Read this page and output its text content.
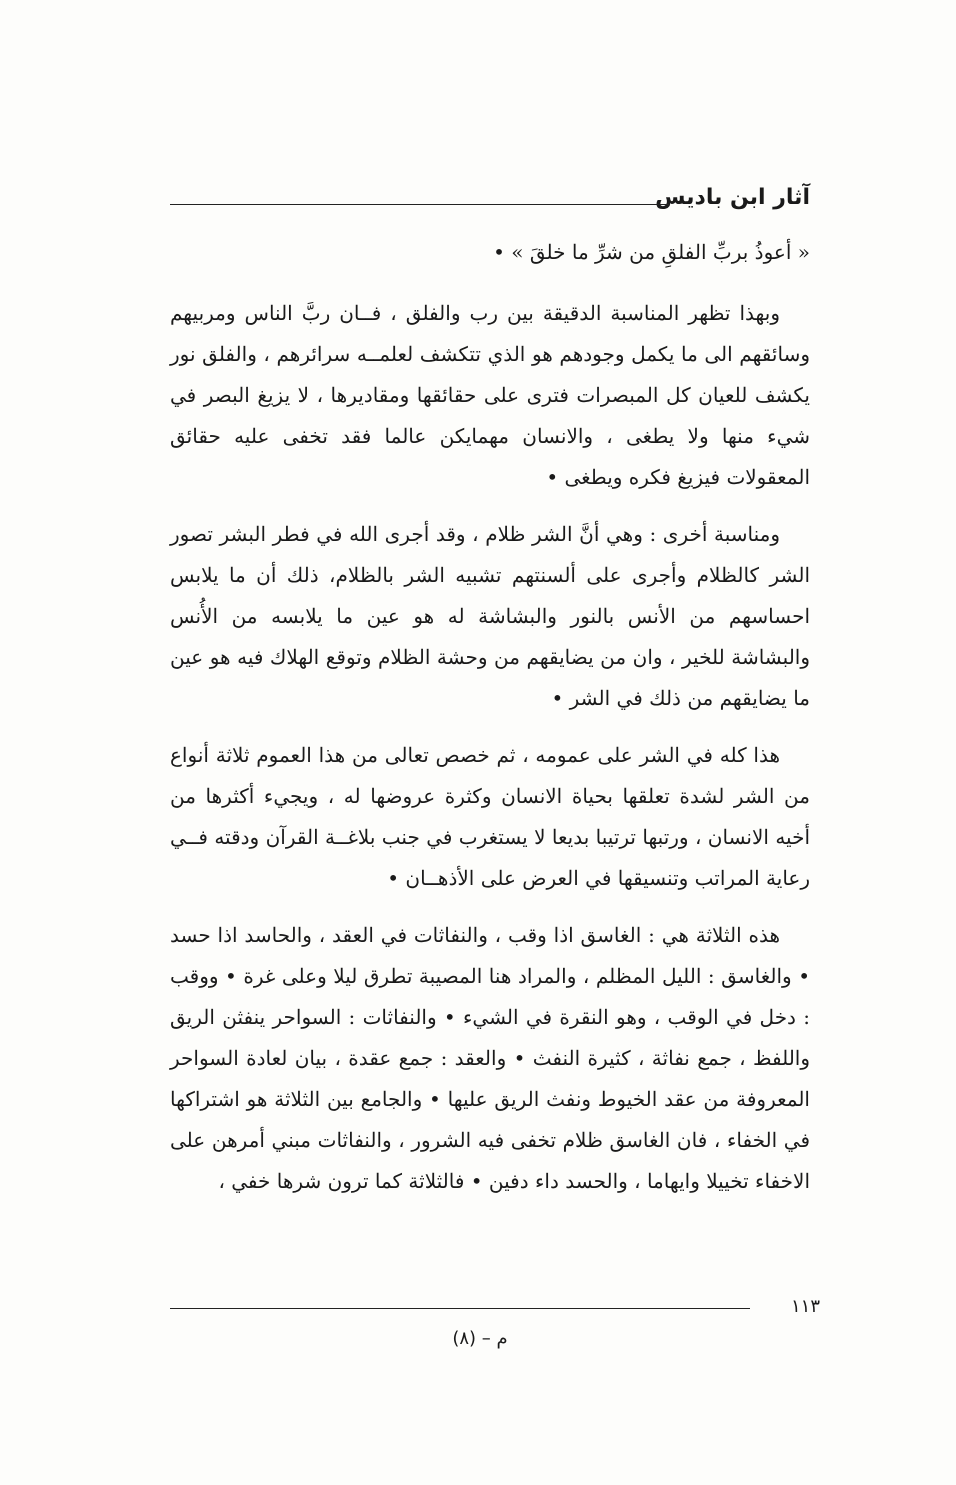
آثار ابن باديس

« أعوذُ بربِّ الفلقِ من شرِّ ما خلقَ » •

وبهذا تظهر المناسبة الدقيقة بين رب والفلق ، فــان ربَّ الناس ومربيهم وسائقهم الى ما يكمل وجودهم هو الذي تتكشف لعلمــه سرائرهم ، والفلق نور يكشف للعيان كل المبصرات فترى على حقائقها ومقاديرها ، لا يزيغ البصر في شيء منها ولا يطغى ، والانسان مهمايكن عالما فقد تخفى عليه حقائق المعقولات فيزيغ فكره ويطغى •

ومناسبة أخرى : وهي أنَّ الشر ظلام ، وقد أجرى الله في فطر البشر تصور الشر كالظلام وأجرى على ألسنتهم تشبيه الشر بالظلام، ذلك أن ما يلابس احساسهم من الأنس بالنور والبشاشة له هو عين ما يلابسه من الأُنس والبشاشة للخير ، وان من يضايقهم من وحشة الظلام وتوقع الهلاك فيه هو عين ما يضايقهم من ذلك في الشر •

هذا كله في الشر على عمومه ، ثم خصص تعالى من هذا العموم ثلاثة أنواع من الشر لشدة تعلقها بحياة الانسان وكثرة عروضها له ، ويجيء أكثرها من أخيه الانسان ، ورتبها ترتيبا بديعا لا يستغرب في جنب بلاغــة القرآن ودقته فــي رعاية المراتب وتنسيقها في العرض على الأذهــان •

هذه الثلاثة هي : الغاسق اذا وقب ، والنفاثات في العقد ، والحاسد اذا حسد • والغاسق : الليل المظلم ، والمراد هنا المصيبة تطرق ليلا وعلى غرة • ووقب : دخل في الوقب ، وهو النقرة في الشيء • والنفاثات : السواحر ينفثن الريق واللفظ ، جمع نفاثة ، كثيرة النفث • والعقد : جمع عقدة ، بيان لعادة السواحر المعروفة من عقد الخيوط ونفث الريق عليها • والجامع بين الثلاثة هو اشتراكها في الخفاء ، فان الغاسق ظلام تخفى فيه الشرور ، والنفاثات مبني أمرهن على الاخفاء تخييلا وايهاما ، والحسد داء دفين • فالثلاثة كما ترون شرها خفي ،

١١٣
م – (٨)
